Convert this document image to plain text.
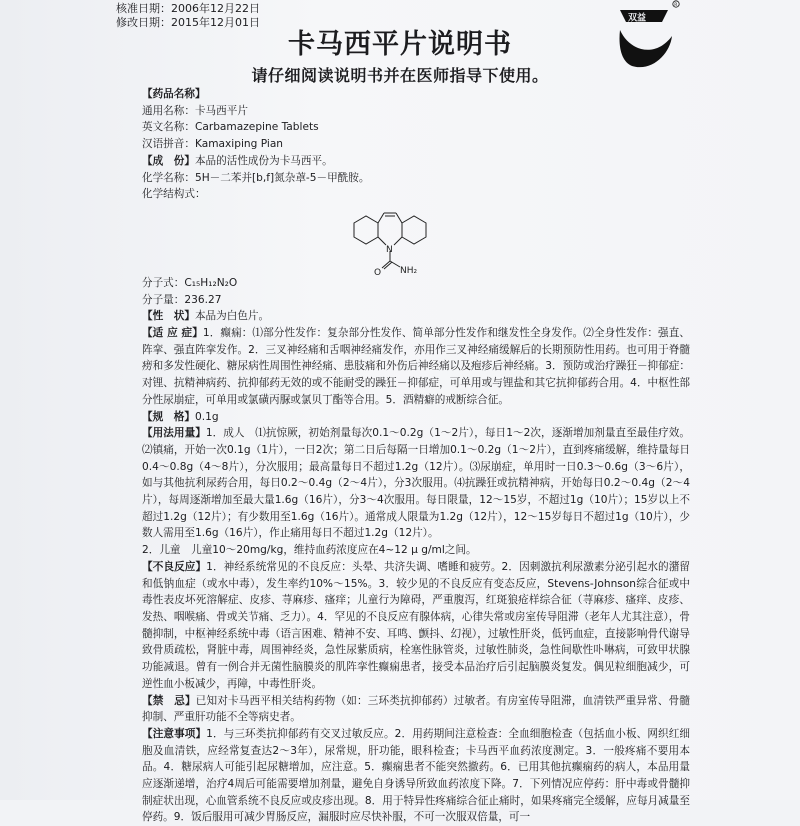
核准日期：2006年12月22日
修改日期：2015年12月01日
R
双益
卡马西平片说明书
请仔细阅读说明书并在医师指导下使用。
【药品名称】
通用名称：卡马西平片
英文名称：Carbamazepine Tablets
汉语拼音：Kamaxiping Pian
【成　份】本品的活性成份为卡马西平。
化学名称：5H－二苯并[b,f]氮杂䓬-5－甲酰胺。
化学结构式：
N
O NH₂
分子式：C₁₅H₁₂N₂O
分子量：236.27
【性　状】本品为白色片。
【适 应 症】1．癫痫：⑴部分性发作：复杂部分性发作、简单部分性发作和继发性全身发作。⑵全身性发作：强直、阵挛、强直阵挛发作。2．三叉神经痛和舌咽神经痛发作，亦用作三叉神经痛缓解后的长期预防性用药。也可用于脊髓痨和多发性硬化、糖尿病性周围性神经痛、患肢痛和外伤后神经痛以及疱疹后神经痛。3．预防或治疗躁狂－抑郁症：对锂、抗精神病药、抗抑郁药无效的或不能耐受的躁狂－抑郁症，可单用或与锂盐和其它抗抑郁药合用。4．中枢性部分性尿崩症，可单用或氯磺丙脲或氯贝丁酯等合用。5．酒精癖的戒断综合征。
【规　格】0.1g
【用法用量】1．成人　⑴抗惊厥，初始剂量每次0.1～0.2g（1～2片），每日1～2次，逐渐增加剂量直至最佳疗效。⑵镇痛，开始一次0.1g（1片），一日2次；第二日后每隔一日增加0.1～0.2g（1～2片），直到疼痛缓解，维持量每日0.4～0.8g（4～8片），分次服用；最高量每日不超过1.2g（12片）。⑶尿崩症，单用时一日0.3～0.6g（3～6片），如与其他抗利尿药合用，每日0.2～0.4g（2～4片），分3次服用。⑷抗躁狂或抗精神病，开始每日0.2～0.4g（2～4片），每周逐渐增加至最大量1.6g（16片），分3～4次服用。每日限量，12～15岁，不超过1g（10片）；15岁以上不超过1.2g（12片）；有少数用至1.6g（16片）。通常成人限量为1.2g（12片），12～15岁每日不超过1g（10片），少数人需用至1.6g（16片），作止痛用每日不超过1.2g（12片）。
2．儿童　儿童10～20mg/kg，维持血药浓度应在4~12 μ g/ml之间。
【不良反应】1．神经系统常见的不良反应：头晕、共济失调、嗜睡和疲劳。2．因刺激抗利尿激素分泌引起水的潴留和低钠血症（或水中毒），发生率约10%～15%。3．较少见的不良反应有变态反应，Stevens-Johnson综合征或中毒性表皮坏死溶解症、皮疹、荨麻疹、瘙痒；儿童行为障碍，严重腹泻，红斑狼疮样综合征（荨麻疹、瘙痒、皮疹、发热、咽喉痛、骨或关节痛、乏力）。4．罕见的不良反应有腺体病，心律失常或房室传导阻滞（老年人尤其注意），骨髓抑制，中枢神经系统中毒（语言困难、精神不安、耳鸣、颤抖、幻视），过敏性肝炎，低钙血症，直接影响骨代谢导致骨质疏松，肾脏中毒，周围神经炎，急性尿紫质病，栓塞性脉管炎，过敏性肺炎，急性间歇性卟啉病，可致甲状腺功能减退。曾有一例合并无菌性脑膜炎的肌阵挛性癫痫患者，接受本品治疗后引起脑膜炎复发。偶见粒细胞减少，可逆性血小板减少，再障，中毒性肝炎。
【禁　忌】已知对卡马西平相关结构药物（如：三环类抗抑郁药）过敏者。有房室传导阻滞，血清铁严重异常、骨髓抑制、严重肝功能不全等病史者。
【注意事项】1．与三环类抗抑郁药有交叉过敏反应。2．用药期间注意检查：全血细胞检查（包括血小板、网织红细胞及血清铁，应经常复查达2～3年），尿常规，肝功能，眼科检查；卡马西平血药浓度测定。3．一般疼痛不要用本品。4．糖尿病人可能引起尿糖增加，应注意。5．癫痫患者不能突然撤药。6．已用其他抗癫痫药的病人，本品用量应逐渐递增，治疗4周后可能需要增加剂量，避免自身诱导所致血药浓度下降。7．下列情况应停药：肝中毒或骨髓抑制症状出现，心血管系统不良反应或皮疹出现。8．用于特异性疼痛综合征止痛时，如果疼痛完全缓解，应每月减量至停药。9．饭后服用可减少胃肠反应，漏服时应尽快补服，不可一次服双倍量，可一
